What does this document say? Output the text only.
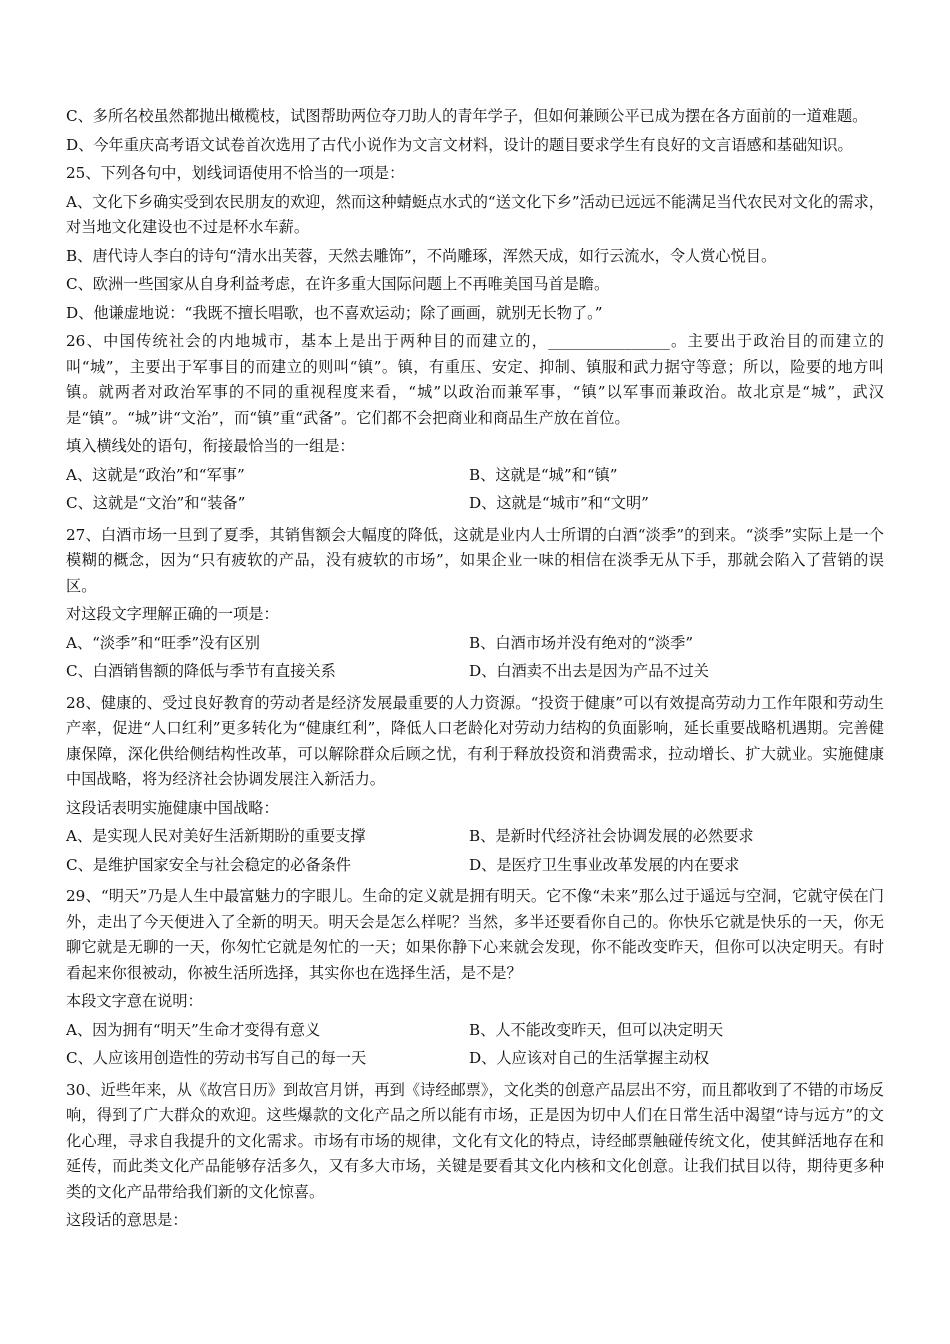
C、多所名校虽然都抛出橄榄枝，试图帮助两位夺刀助人的青年学子，但如何兼顾公平已成为摆在各方面前的一道难题。

D、今年重庆高考语文试卷首次选用了古代小说作为文言文材料，设计的题目要求学生有良好的文言语感和基础知识。

25、下列各句中，划线词语使用不恰当的一项是：

A、文化下乡确实受到农民朋友的欢迎，然而这种蜻蜓点水式的“送文化下乡”活动已远远不能满足当代农民对文化的需求，对当地文化建设也不过是杯水车薪。

B、唐代诗人李白的诗句“清水出芙蓉，天然去雕饰”，不尚雕琢，浑然天成，如行云流水，令人赏心悦目。

C、欧洲一些国家从自身利益考虑，在许多重大国际问题上不再唯美国马首是瞻。

D、他谦虚地说：“我既不擅长唱歌，也不喜欢运动；除了画画，就别无长物了。”

26、中国传统社会的内地城市，基本上是出于两种目的而建立的，________________。主要出于政治目的而建立的叫“城”，主要出于军事目的而建立的则叫“镇”。镇，有重压、安定、抑制、镇服和武力据守等意；所以，险要的地方叫镇。就两者对政治军事的不同的重视程度来看，“城”以政治而兼军事，“镇”以军事而兼政治。故北京是“城”，武汉是“镇”。“城”讲“文治”，而“镇”重“武备”。它们都不会把商业和商品生产放在首位。

填入横线处的语句，衔接最恰当的一组是：

A、这就是“政治”和“军事”	B、这就是“城”和“镇”
C、这就是“文治”和“装备”	D、这就是“城市”和“文明”

27、白酒市场一旦到了夏季，其销售额会大幅度的降低，这就是业内人士所谓的白酒“淡季”的到来。“淡季”实际上是一个模糊的概念，因为“只有疲软的产品，没有疲软的市场”，如果企业一味的相信在淡季无从下手，那就会陷入了营销的误区。

对这段文字理解正确的一项是：

A、“淡季”和“旺季”没有区别	B、白酒市场并没有绝对的“淡季”
C、白酒销售额的降低与季节有直接关系	D、白酒卖不出去是因为产品不过关

28、健康的、受过良好教育的劳动者是经济发展最重要的人力资源。“投资于健康”可以有效提高劳动力工作年限和劳动生产率，促进“人口红利”更多转化为“健康红利”，降低人口老龄化对劳动力结构的负面影响，延长重要战略机遇期。完善健康保障，深化供给侧结构性改革，可以解除群众后顾之忧，有利于释放投资和消费需求，拉动增长、扩大就业。实施健康中国战略，将为经济社会协调发展注入新活力。

这段话表明实施健康中国战略：

A、是实现人民对美好生活新期盼的重要支撑	B、是新时代经济社会协调发展的必然要求
C、是维护国家安全与社会稳定的必备条件	D、是医疗卫生事业改革发展的内在要求

29、“明天”乃是人生中最富魅力的字眼儿。生命的定义就是拥有明天。它不像“未来”那么过于遥远与空洞，它就守侯在门外，走出了今天便进入了全新的明天。明天会是怎么样呢？当然，多半还要看你自己的。你快乐它就是快乐的一天，你无聊它就是无聊的一天，你匆忙它就是匆忙的一天；如果你静下心来就会发现，你不能改变昨天，但你可以决定明天。有时看起来你很被动，你被生活所选择，其实你也在选择生活，是不是？

本段文字意在说明：

A、因为拥有“明天”生命才变得有意义	B、人不能改变昨天，但可以决定明天
C、人应该用创造性的劳动书写自己的每一天	D、人应该对自己的生活掌握主动权

30、近些年来，从《故宫日历》到故宫月饼，再到《诗经邮票》，文化类的创意产品层出不穷，而且都收到了不错的市场反响，得到了广大群众的欢迎。这些爆款的文化产品之所以能有市场，正是因为切中人们在日常生活中渴望“诗与远方”的文化心理，寻求自我提升的文化需求。市场有市场的规律，文化有文化的特点，诗经邮票触碰传统文化，使其鲜活地存在和延传，而此类文化产品能够存活多久，又有多大市场，关键是要看其文化内核和文化创意。让我们拭目以待，期待更多种类的文化产品带给我们新的文化惊喜。

这段话的意思是：
